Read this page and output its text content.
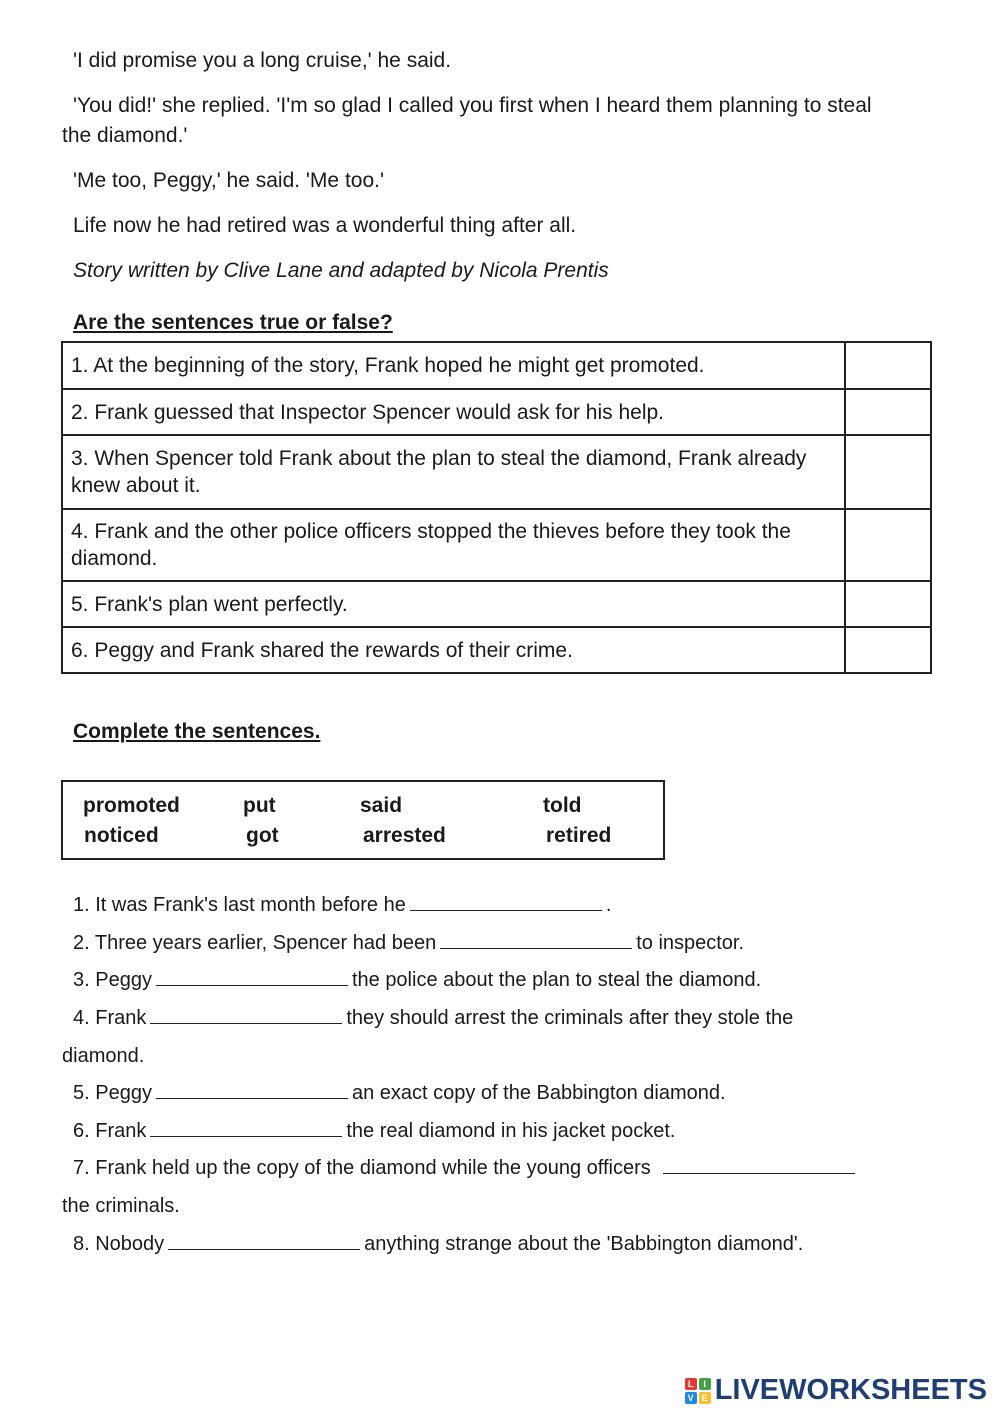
'I did promise you a long cruise,' he said.

'You did!' she replied. 'I'm so glad I called you first when I heard them planning to steal the diamond.'

'Me too, Peggy,' he said. 'Me too.'

Life now he had retired was a wonderful thing after all.

Story written by Clive Lane and adapted by Nicola Prentis

Are the sentences true or false?
1. At the beginning of the story, Frank hoped he might get promoted.	
2. Frank guessed that Inspector Spencer would ask for his help.	
3. When Spencer told Frank about the plan to steal the diamond, Frank already knew about it.	
4. Frank and the other police officers stopped the thieves before they took the diamond.	
5. Frank's plan went perfectly.	
6. Peggy and Frank shared the rewards of their crime.	
Complete the sentences.
promoted	put	said	told
noticed	got	arrested	retired

1. It was Frank's last month before he	.

2. Three years earlier, Spencer had been	to inspector.

3. Peggy	the police about the plan to steal the diamond.

4. Frank	they should arrest the criminals after they stole the

diamond.

5. Peggy	an exact copy of the Babbington diamond.

6. Frank	the real diamond in his jacket pocket.

7. Frank held up the copy of the diamond while the young officers

the criminals.

8. Nobody	anything strange about the 'Babbington diamond'.

L	I
V E LIVEWORKSHEETS
